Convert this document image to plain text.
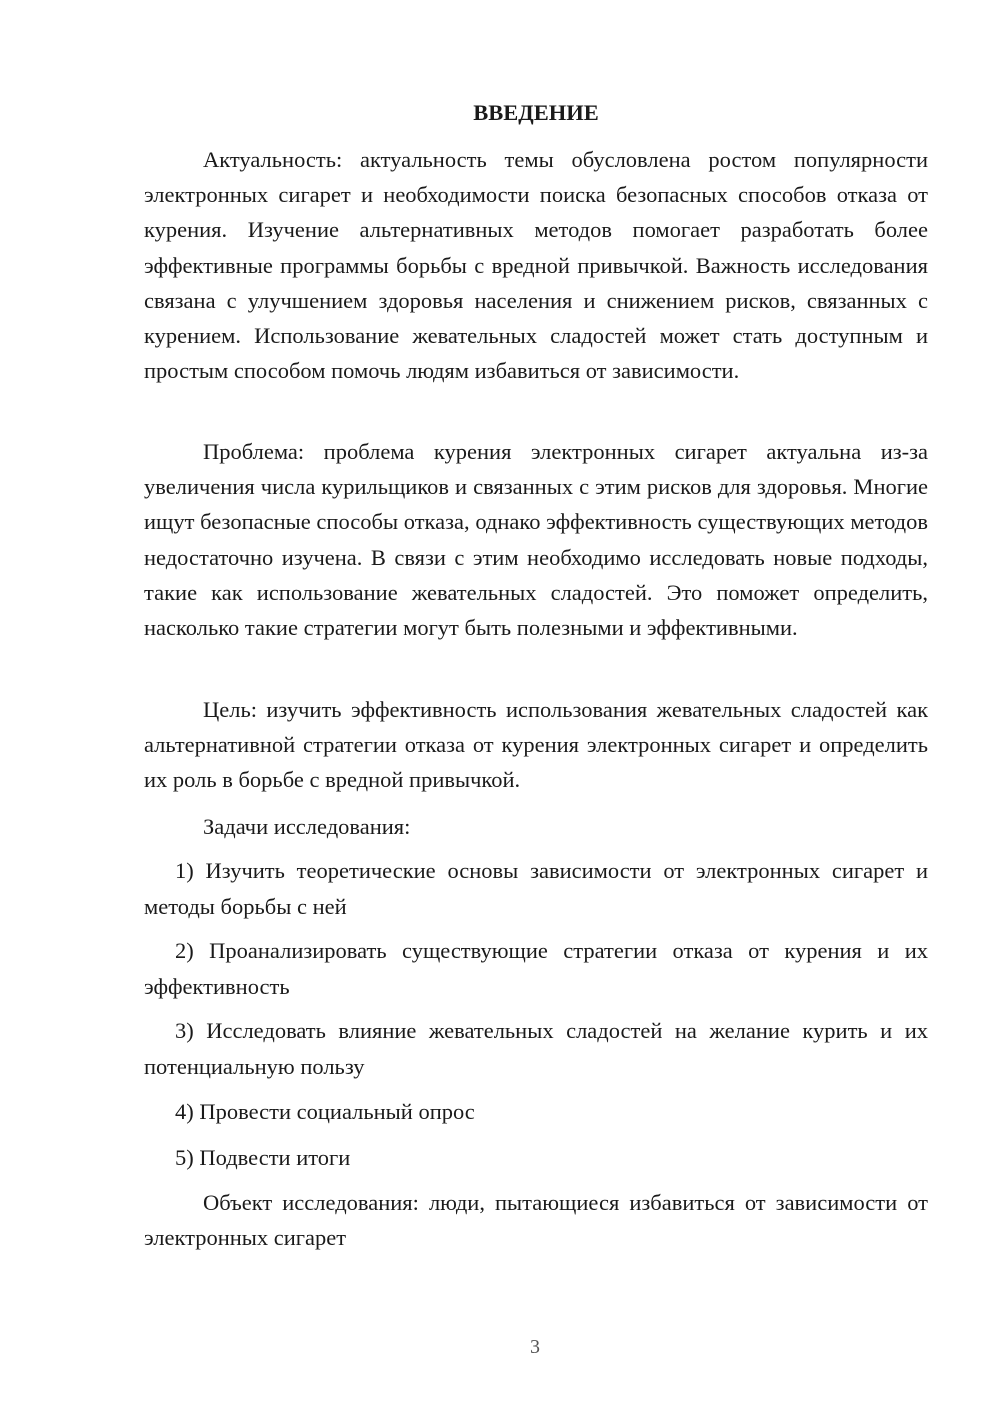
ВВЕДЕНИЕ

Актуальность: актуальность темы обусловлена ростом популярности электронных сигарет и необходимости поиска безопасных способов отказа от курения. Изучение альтернативных методов помогает разработать более эффективные программы борьбы с вредной привычкой. Важность исследования связана с улучшением здоровья населения и снижением рисков, связанных с курением. Использование жевательных сладостей может стать доступным и простым способом помочь людям избавиться от зависимости.

Проблема: проблема курения электронных сигарет актуальна из-за увеличения числа курильщиков и связанных с этим рисков для здоровья. Многие ищут безопасные способы отказа, однако эффективность существующих методов недостаточно изучена. В связи с этим необходимо исследовать новые подходы, такие как использование жевательных сладостей. Это поможет определить, насколько такие стратегии могут быть полезными и эффективными.

Цель: изучить эффективность использования жевательных сладостей как альтернативной стратегии отказа от курения электронных сигарет и определить их роль в борьбе с вредной привычкой.

Задачи исследования:

1) Изучить теоретические основы зависимости от электронных сигарет и методы борьбы с ней

2) Проанализировать существующие стратегии отказа от курения и их эффективность

3) Исследовать влияние жевательных сладостей на желание курить и их потенциальную пользу

4) Провести социальный опрос

5) Подвести итоги

Объект исследования: люди, пытающиеся избавиться от зависимости от электронных сигарет

3
